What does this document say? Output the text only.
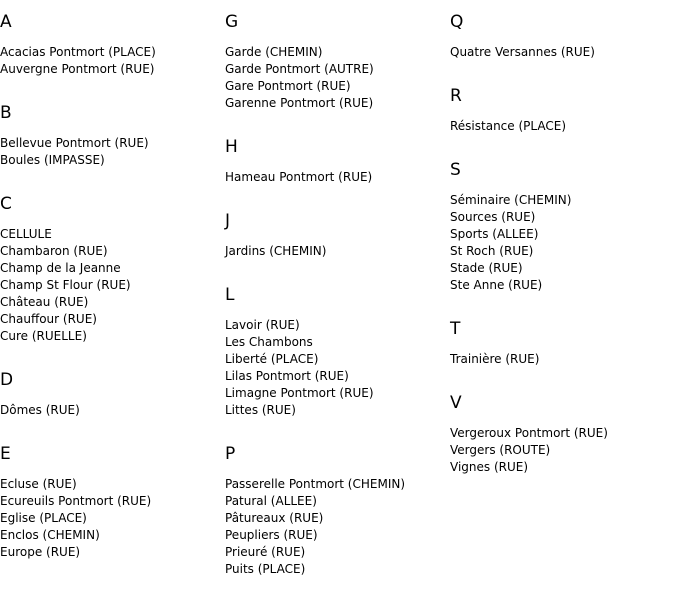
A
Acacias Pontmort (PLACE)
Auvergne Pontmort (RUE)
B
Bellevue Pontmort (RUE)
Boules (IMPASSE)
C
CELLULE
Chambaron (RUE)
Champ de la Jeanne
Champ St Flour (RUE)
Château (RUE)
Chauffour (RUE)
Cure (RUELLE)
D
Dômes (RUE)
E
Ecluse (RUE)
Ecureuils Pontmort (RUE)
Eglise (PLACE)
Enclos (CHEMIN)
Europe (RUE)
G
Garde (CHEMIN)
Garde Pontmort (AUTRE)
Gare Pontmort (RUE)
Garenne Pontmort (RUE)
H
Hameau Pontmort (RUE)
J
Jardins (CHEMIN)
L
Lavoir (RUE)
Les Chambons
Liberté (PLACE)
Lilas Pontmort (RUE)
Limagne Pontmort (RUE)
Littes (RUE)
P
Passerelle Pontmort (CHEMIN)
Patural (ALLEE)
Pâtureaux (RUE)
Peupliers (RUE)
Prieuré (RUE)
Puits (PLACE)
Q
Quatre Versannes (RUE)
R
Résistance (PLACE)
S
Séminaire (CHEMIN)
Sources (RUE)
Sports (ALLEE)
St Roch (RUE)
Stade (RUE)
Ste Anne (RUE)
T
Trainière (RUE)
V
Vergeroux Pontmort (RUE)
Vergers (ROUTE)
Vignes (RUE)
